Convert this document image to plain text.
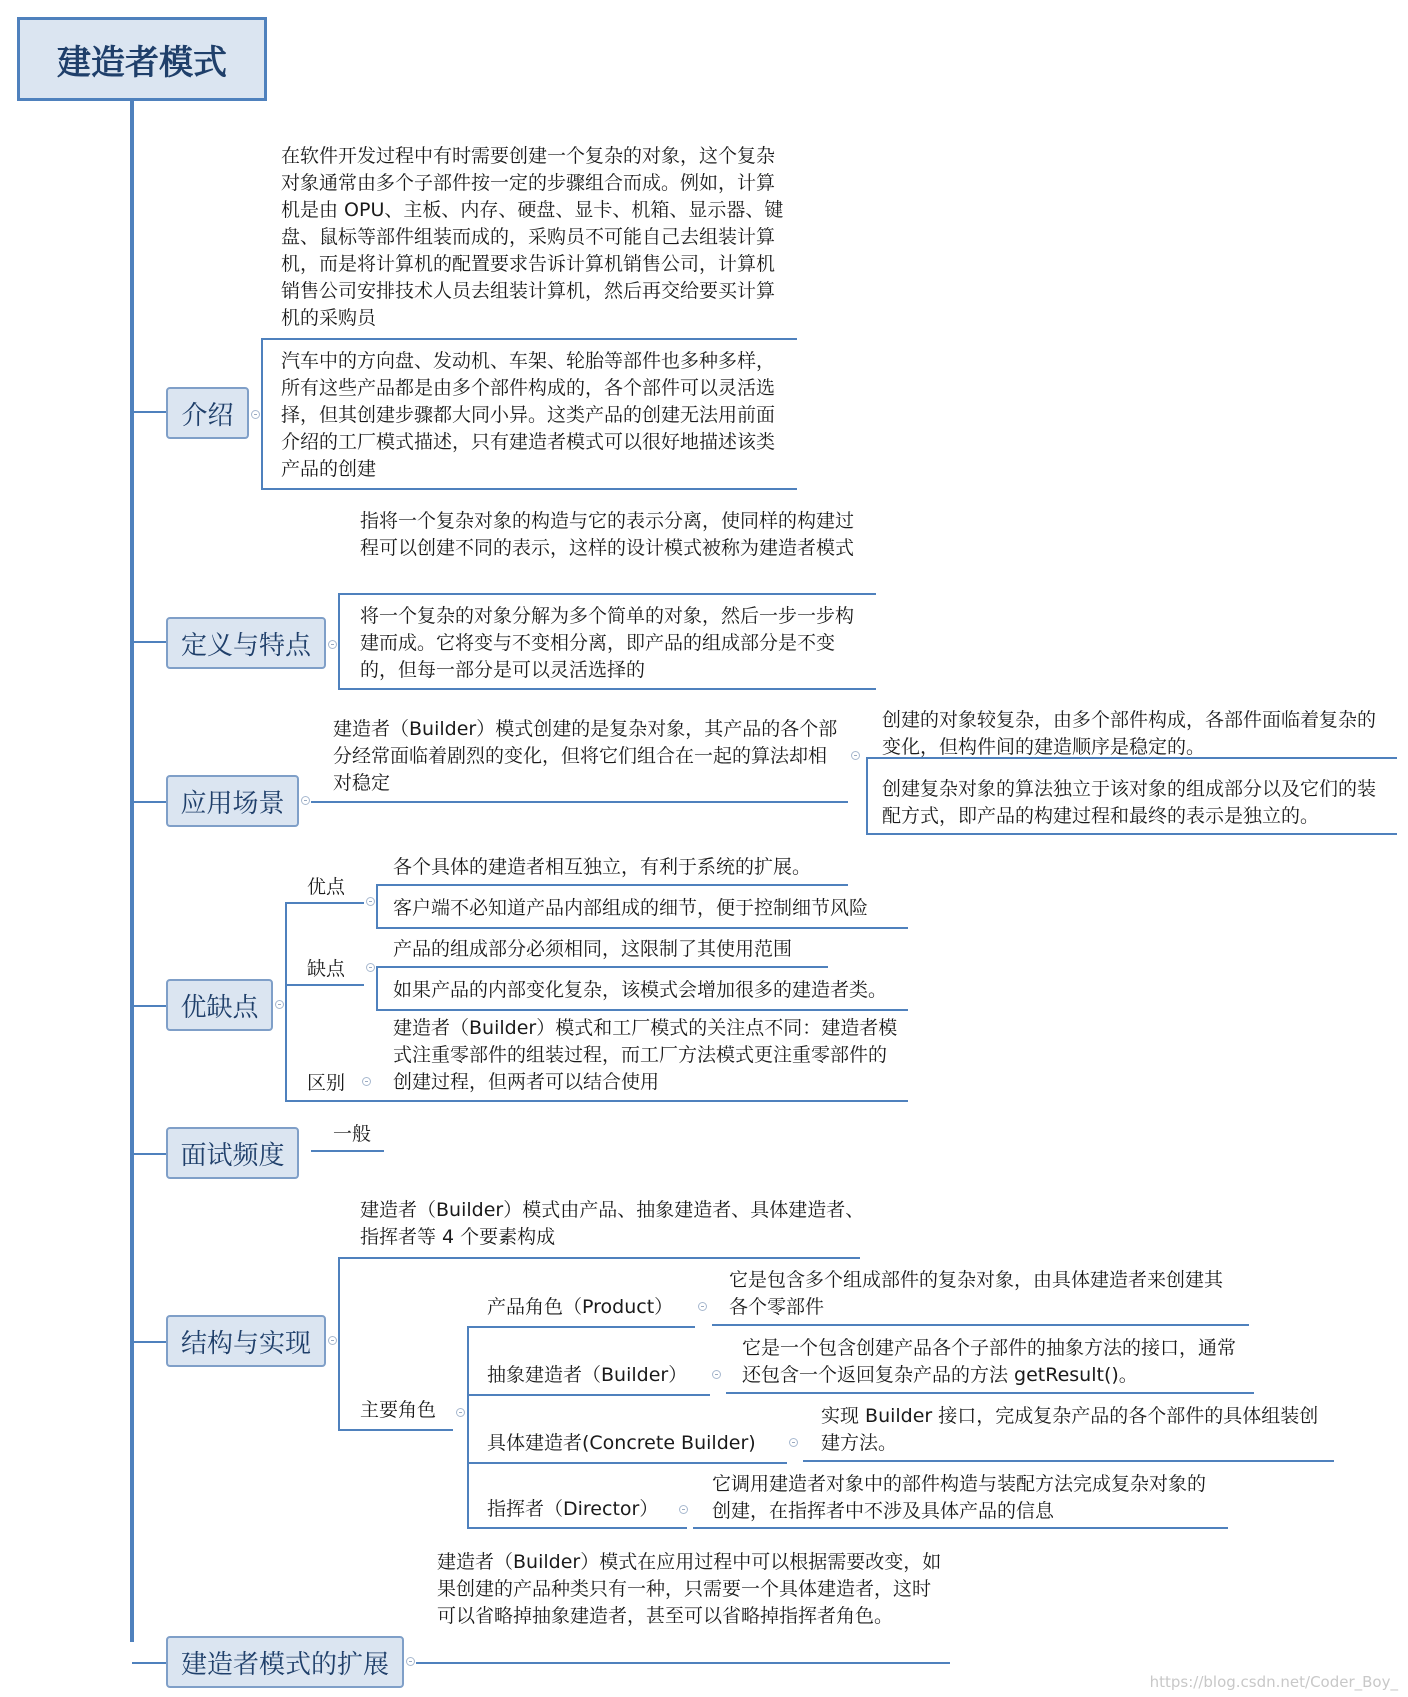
建造者模式
介绍
在软件开发过程中有时需要创建一个复杂的对象，这个复杂对象通常由多个子部件按一定的步骤组合而成。例如，计算机是由 OPU、主板、内存、硬盘、显卡、机箱、显示器、键盘、鼠标等部件组装而成的，采购员不可能自己去组装计算机，而是将计算机的配置要求告诉计算机销售公司，计算机销售公司安排技术人员去组装计算机，然后再交给要买计算机的采购员
汽车中的方向盘、发动机、车架、轮胎等部件也多种多样，所有这些产品都是由多个部件构成的，各个部件可以灵活选择，但其创建步骤都大同小异。这类产品的创建无法用前面介绍的工厂模式描述，只有建造者模式可以很好地描述该类产品的创建
定义与特点
指将一个复杂对象的构造与它的表示分离，使同样的构建过程可以创建不同的表示，这样的设计模式被称为建造者模式
将一个复杂的对象分解为多个简单的对象，然后一步一步构建而成。它将变与不变相分离，即产品的组成部分是不变的，但每一部分是可以灵活选择的
应用场景
建造者（Builder）模式创建的是复杂对象，其产品的各个部分经常面临着剧烈的变化，但将它们组合在一起的算法却相对稳定
创建的对象较复杂，由多个部件构成，各部件面临着复杂的变化，但构件间的建造顺序是稳定的。
创建复杂对象的算法独立于该对象的组成部分以及它们的装配方式，即产品的构建过程和最终的表示是独立的。
优缺点
优点
各个具体的建造者相互独立，有利于系统的扩展。
客户端不必知道产品内部组成的细节，便于控制细节风险
缺点
产品的组成部分必须相同，这限制了其使用范围
如果产品的内部变化复杂，该模式会增加很多的建造者类。
区别
建造者（Builder）模式和工厂模式的关注点不同：建造者模式注重零部件的组装过程，而工厂方法模式更注重零部件的创建过程，但两者可以结合使用
面试频度
一般
结构与实现
建造者（Builder）模式由产品、抽象建造者、具体建造者、指挥者等 4 个要素构成
主要角色
产品角色（Product）
它是包含多个组成部件的复杂对象，由具体建造者来创建其各个零部件
抽象建造者（Builder）
它是一个包含创建产品各个子部件的抽象方法的接口，通常还包含一个返回复杂产品的方法 getResult()。
具体建造者(Concrete Builder)
实现 Builder 接口，完成复杂产品的各个部件的具体组装创建方法。
指挥者（Director）
它调用建造者对象中的部件构造与装配方法完成复杂对象的创建，在指挥者中不涉及具体产品的信息
建造者模式的扩展
建造者（Builder）模式在应用过程中可以根据需要改变，如果创建的产品种类只有一种，只需要一个具体建造者，这时可以省略掉抽象建造者，甚至可以省略掉指挥者角色。
https://blog.csdn.net/Coder_Boy_
